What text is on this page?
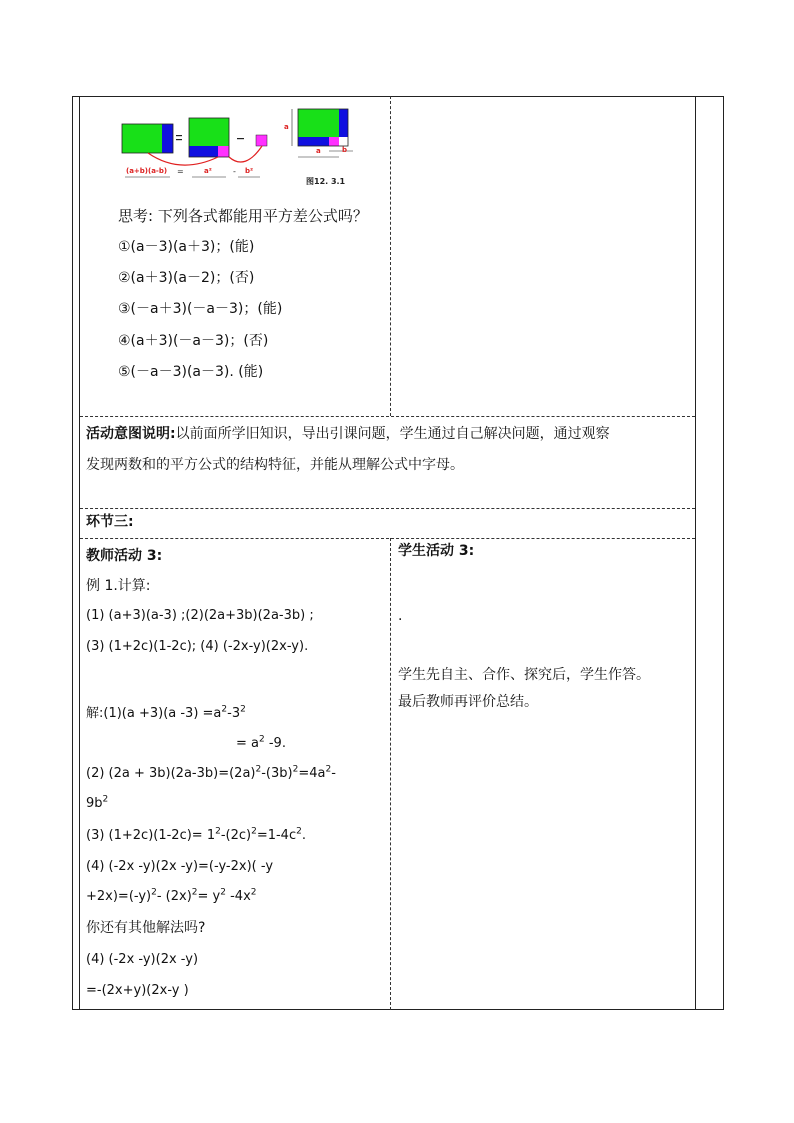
(a+b)(a-b) =	a²	- b²
a
a	b
图12. 3.1
思考: 下列各式都能用平方差公式吗？
①(a－3)(a＋3)；(能)
②(a＋3)(a－2)；(否)
③(－a＋3)(－a－3)；(能)
④(a＋3)(－a－3)；(否)
⑤(－a－3)(a－3). (能)
活动意图说明:以前面所学旧知识，导出引课问题，学生通过自己解决问题，通过观察
发现两数和的平方公式的结构特征，并能从理解公式中字母。
环节三:
教师活动 3:
例 1.计算:
(1) (a+3)(a-3) ;(2)(2a+3b)(2a-3b) ;
(3) (1+2c)(1-2c); (4) (-2x-y)(2x-y).
解:(1)(a +3)(a $-3) =a^2-3^2$
= $a^2$ -9.
(2) $(2a + 3b)(2a-3b)=(2a)^2-(3b)^2=4a^2-$
$9b^2$
(3) $(1+2c)(1-2c)= 1^2-(2c)^2=1-4c^2$.
(4) (-2x -y)(2x -y)=(-y-2x)( -y
$+2x)=(-y)^2-$ $(2x)^2= y^2$ $-4x^2$
你还有其他解法吗?
(4) (-2x -y)(2x -y)
=-(2x+y)(2x-y )
学生活动 3:
.
学生先自主、合作、探究后，学生作答。
最后教师再评价总结。
